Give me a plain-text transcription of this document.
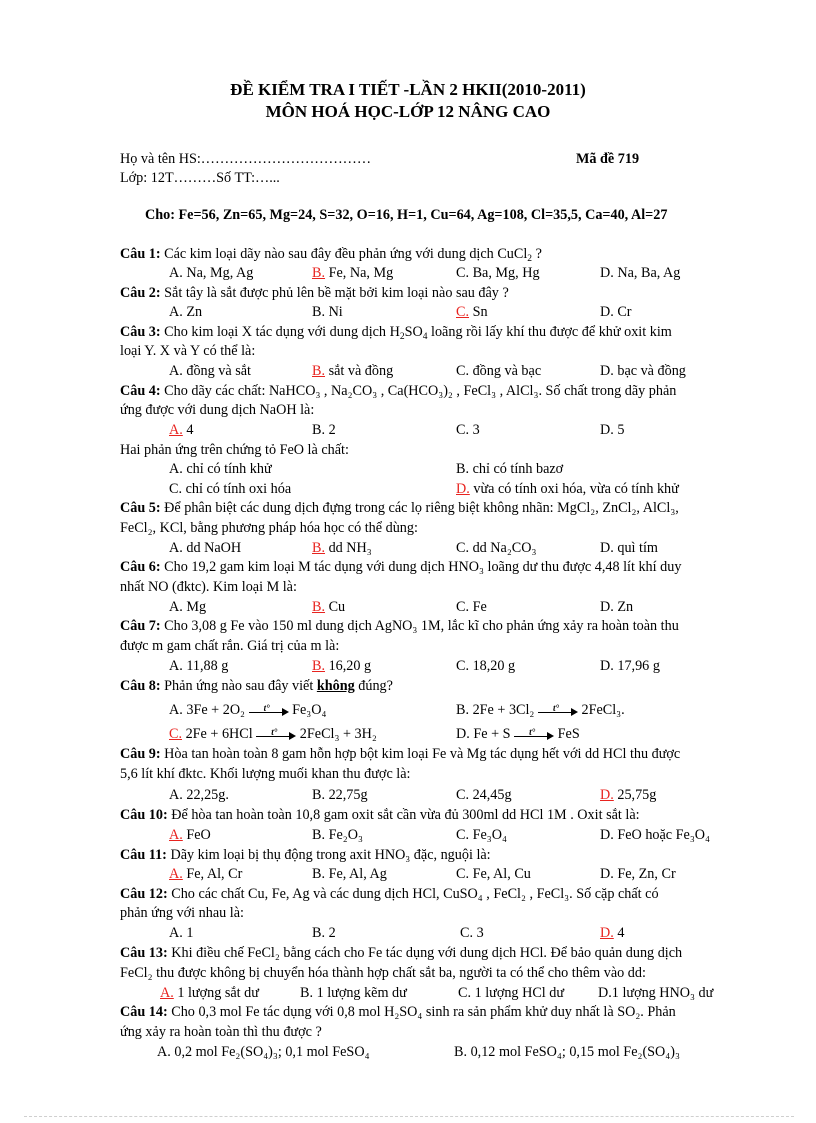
ĐỀ KIỂM TRA I TIẾT -LẦN 2 HKII(2010-2011)
MÔN HOÁ HỌC-LỚP 12 NÂNG CAO
Họ và tên HS:………………………………	Mã đề 719
Lớp: 12T………Số TT:…...
Cho: Fe=56, Zn=65, Mg=24, S=32, O=16, H=1, Cu=64, Ag=108, Cl=35,5, Ca=40, Al=27
Câu 1: Các kim loại dãy nào sau đây đều phản ứng với dung dịch CuCl$_2$ ?
A. Na, Mg, Ag	B. Fe, Na, Mg	C. Ba, Mg, Hg	D. Na, Ba, Ag
Câu 2: Sắt tây là sắt được phủ lên bề mặt bởi kim loại nào sau đây ?
A. Zn	B. Ni	C. Sn	D. Cr
Câu 3: Cho kim loại X tác dụng với dung dịch $H_2SO_4$ loãng rồi lấy khí thu được để khử oxit kim
loại Y. X và Y có thể là:
A. đồng và sắt	B. sắt và đồng	C. đồng và bạc	D. bạc và đồng
Câu 4: Cho dãy các chất: NaHCO₃ , Na₂CO₃ , Ca(HCO₃)₂ , FeCl₃ , AlCl₃. Số chất trong dãy phản
ứng được với dung dịch NaOH là:
A. 4	B. 2	C. 3	D. 5
Hai phản ứng trên chứng tỏ FeO là chất:
A. chỉ có tính khử	B. chỉ có tính bazơ
C. chỉ có tính oxi hóa	D. vừa có tính oxi hóa, vừa có tính khử
Câu 5: Để phân biệt các dung dịch đựng trong các lọ riêng biệt không nhãn: MgCl₂, ZnCl₂, AlCl₃,
FeCl₂, KCl, bằng phương pháp hóa học có thể dùng:
A. dd NaOH	B. dd NH₃	C. dd Na₂CO₃	D. quì tím
Câu 6: Cho 19,2 gam kim loại M tác dụng với dung dịch HNO₃ loãng dư thu được 4,48 lít khí duy
nhất NO (đktc). Kim loại M là:
A. Mg	B. Cu	C. Fe	D. Zn
Câu 7: Cho 3,08 g Fe vào 150 ml dung dịch AgNO₃ 1M, lắc kĩ cho phản ứng xảy ra hoàn toàn thu
được m gam chất rắn. Giá trị của m là:
A. 11,88 g	B. 16,20 g	C. 18,20 g	D. 17,96 g
Câu 8: Phản ứng nào sau đây viết không đúng?
A. 3Fe + 2O₂ t° Fe₃O₄	B. 2Fe + 3Cl₂ t° 2FeCl₃.
C. 2Fe + 6HCl t° 2FeCl₃ + 3H₂	D. Fe + S t° FeS
Câu 9: Hòa tan hoàn toàn 8 gam hỗn hợp bột kim loại Fe và Mg tác dụng hết với dd HCl thu được
5,6 lít khí đktc. Khối lượng muối khan thu được là:
A. 22,25g.	B. 22,75g	C. 24,45g	D. 25,75g
Câu 10: Để hòa tan hoàn toàn 10,8 gam oxit sắt cần vừa đủ 300ml dd HCl 1M . Oxit sắt là:
A. FeO	B. Fe₂O₃	C. Fe₃O₄	D. FeO hoặc Fe₃O₄
Câu 11: Dãy kim loại bị thụ động trong axit HNO₃ đặc, nguội là:
A. Fe, Al, Cr	B. Fe, Al, Ag	C. Fe, Al, Cu	D. Fe, Zn, Cr
Câu 12: Cho các chất Cu, Fe, Ag và các dung dịch HCl, CuSO₄ , FeCl₂ , FeCl₃. Số cặp chất có
phản ứng với nhau là:
A. 1	B. 2	C. 3	D. 4
Câu 13: Khi điều chế FeCl₂ bằng cách cho Fe tác dụng với dung dịch HCl. Để bảo quản dung dịch
FeCl₂ thu được không bị chuyển hóa thành hợp chất sắt ba, người ta có thể cho thêm vào dd:
A. 1 lượng sắt dư	B. 1 lượng kẽm dư	C. 1 lượng HCl dư D.1 lượng HNO₃ dư
Câu 14: Cho 0,3 mol Fe tác dụng với 0,8 mol H₂SO₄ sinh ra sản phẩm khử duy nhất là SO₂. Phản
ứng xảy ra hoàn toàn thì thu được ?
A. 0,2 mol Fe₂(SO₄)₃; 0,1 mol FeSO₄	B. 0,12 mol FeSO₄; 0,15 mol Fe₂(SO₄)₃
